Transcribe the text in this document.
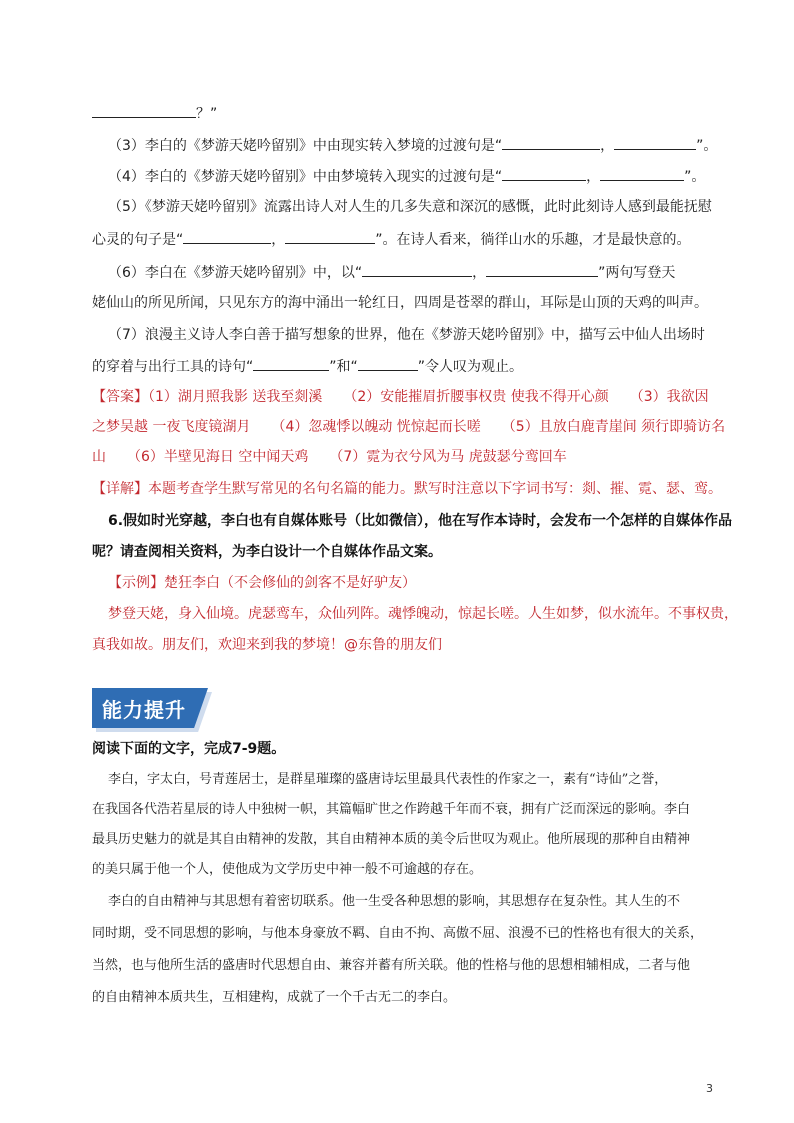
？”
（3）李白的《梦游天姥吟留别》中由现实转入梦境的过渡句是“	，	”。
（4）李白的《梦游天姥吟留别》中由梦境转入现实的过渡句是“	，	”。
（5）《梦游天姥吟留别》流露出诗人对人生的几多失意和深沉的感慨，此时此刻诗人感到最能抚慰
心灵的句子是“	，	”。在诗人看来，徜徉山水的乐趣，才是最快意的。
（6）李白在《梦游天姥吟留别》中，以“	，	”两句写登天
姥仙山的所见所闻，只见东方的海中涌出一轮红日，四周是苍翠的群山，耳际是山顶的天鸡的叫声。
（7）浪漫主义诗人李白善于描写想象的世界，他在《梦游天姥吟留别》中，描写云中仙人出场时
的穿着与出行工具的诗句“	”和“	”令人叹为观止。
【答案】（1）湖月照我影 送我至剡溪　　（2）安能摧眉折腰事权贵 使我不得开心颜　　（3）我欲因
之梦吴越 一夜飞度镜湖月　　（4）忽魂悸以魄动 恍惊起而长嗟　　（5）且放白鹿青崖间 须行即骑访名
山　　（6）半壁见海日 空中闻天鸡　　（7）霓为衣兮风为马 虎鼓瑟兮鸾回车
【详解】本题考查学生默写常见的名句名篇的能力。默写时注意以下字词书写：剡、摧、霓、瑟、鸾。
6.假如时光穿越，李白也有自媒体账号（比如微信），他在写作本诗时，会发布一个怎样的自媒体作品
呢？请查阅相关资料，为李白设计一个自媒体作品文案。
【示例】楚狂李白（不会修仙的剑客不是好驴友）
梦登天姥，身入仙境。虎瑟鸾车，众仙列阵。魂悸魄动，惊起长嗟。人生如梦，似水流年。不事权贵，
真我如故。朋友们，欢迎来到我的梦境！@东鲁的朋友们
能力提升
阅读下面的文字，完成7-9题。
李白，字太白，号青莲居士，是群星璀璨的盛唐诗坛里最具代表性的作家之一，素有“诗仙”之誉，
在我国各代浩若星辰的诗人中独树一帜，其篇幅旷世之作跨越千年而不衰，拥有广泛而深远的影响。李白
最具历史魅力的就是其自由精神的发散，其自由精神本质的美令后世叹为观止。他所展现的那种自由精神
的美只属于他一个人，使他成为文学历史中神一般不可逾越的存在。
李白的自由精神与其思想有着密切联系。他一生受各种思想的影响，其思想存在复杂性。其人生的不
同时期，受不同思想的影响，与他本身豪放不羁、自由不拘、高傲不屈、浪漫不已的性格也有很大的关系，
当然，也与他所生活的盛唐时代思想自由、兼容并蓄有所关联。他的性格与他的思想相辅相成，二者与他
的自由精神本质共生，互相建构，成就了一个千古无二的李白。
3
